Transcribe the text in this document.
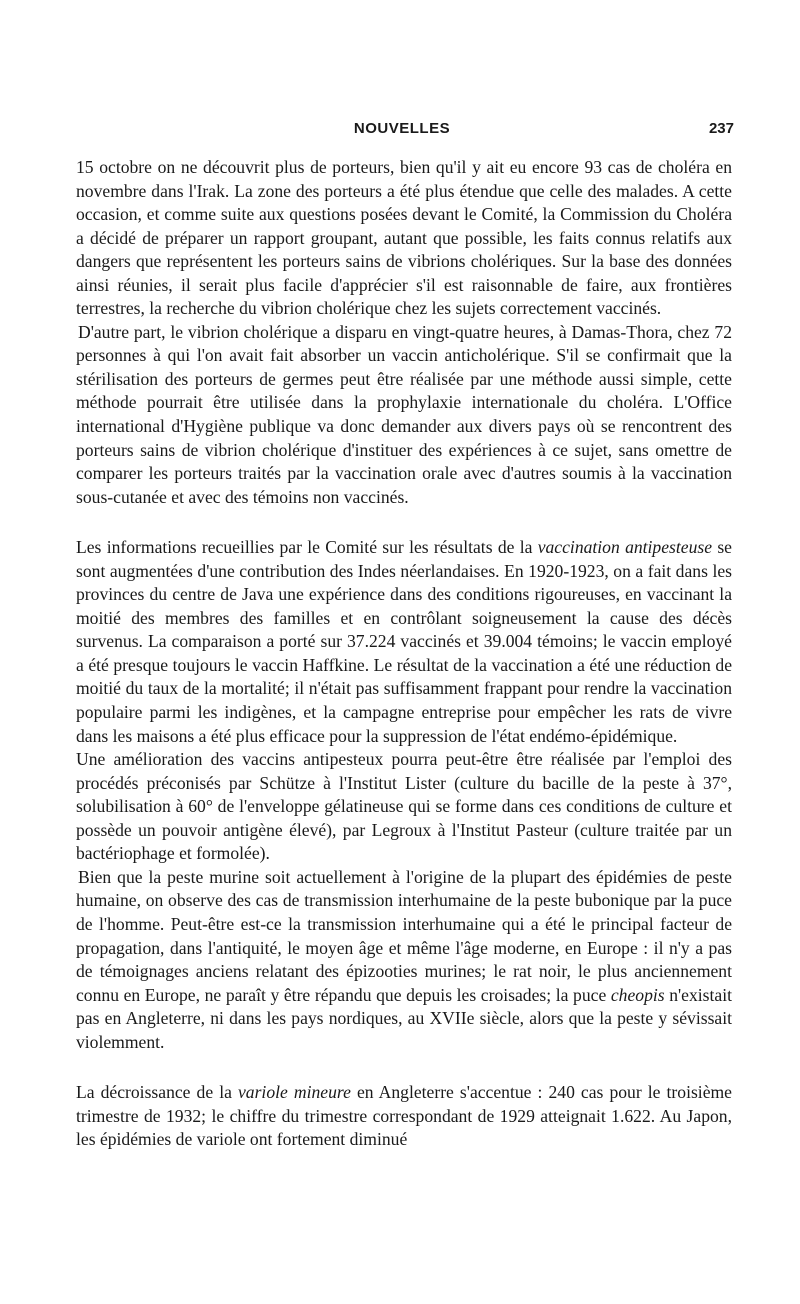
NOUVELLES	237

15 octobre on ne découvrit plus de porteurs, bien qu'il y ait eu encore 93 cas de choléra en novembre dans l'Irak. La zone des porteurs a été plus étendue que celle des malades. A cette occasion, et comme suite aux questions posées devant le Comité, la Commission du Choléra a décidé de préparer un rapport groupant, autant que possible, les faits connus relatifs aux dangers que représentent les porteurs sains de vibrions cholériques. Sur la base des données ainsi réunies, il serait plus facile d'apprécier s'il est raisonnable de faire, aux frontières terrestres, la recherche du vibrion cholérique chez les sujets correctement vaccinés.

D'autre part, le vibrion cholérique a disparu en vingt-quatre heures, à Damas-Thora, chez 72 personnes à qui l'on avait fait absorber un vaccin anticholérique. S'il se confirmait que la stérilisation des porteurs de germes peut être réalisée par une méthode aussi simple, cette méthode pourrait être utilisée dans la prophylaxie internationale du choléra. L'Office international d'Hygiène publique va donc demander aux divers pays où se rencontrent des porteurs sains de vibrion cholérique d'instituer des expériences à ce sujet, sans omettre de comparer les porteurs traités par la vaccination orale avec d'autres soumis à la vaccination sous-cutanée et avec des témoins non vaccinés.

Les informations recueillies par le Comité sur les résultats de la vaccination antipesteuse se sont augmentées d'une contribution des Indes néerlandaises. En 1920-1923, on a fait dans les provinces du centre de Java une expérience dans des conditions rigoureuses, en vaccinant la moitié des membres des familles et en contrôlant soigneusement la cause des décès survenus. La comparaison a porté sur 37.224 vaccinés et 39.004 témoins; le vaccin employé a été presque toujours le vaccin Haffkine. Le résultat de la vaccination a été une réduction de moitié du taux de la mortalité; il n'était pas suffisamment frappant pour rendre la vaccination populaire parmi les indigènes, et la campagne entreprise pour empêcher les rats de vivre dans les maisons a été plus efficace pour la suppression de l'état endémo-épidémique.

Une amélioration des vaccins antipesteux pourra peut-être être réalisée par l'emploi des procédés préconisés par Schütze à l'Institut Lister (culture du bacille de la peste à 37°, solubilisation à 60° de l'enveloppe gélatineuse qui se forme dans ces conditions de culture et possède un pouvoir antigène élevé), par Legroux à l'Institut Pasteur (culture traitée par un bactériophage et formolée).

Bien que la peste murine soit actuellement à l'origine de la plupart des épidémies de peste humaine, on observe des cas de transmission interhumaine de la peste bubonique par la puce de l'homme. Peut-être est-ce la transmission interhumaine qui a été le principal facteur de propagation, dans l'antiquité, le moyen âge et même l'âge moderne, en Europe : il n'y a pas de témoignages anciens relatant des épizooties murines; le rat noir, le plus anciennement connu en Europe, ne paraît y être répandu que depuis les croisades; la puce cheopis n'existait pas en Angleterre, ni dans les pays nordiques, au XVIIe siècle, alors que la peste y sévissait violemment.

La décroissance de la variole mineure en Angleterre s'accentue : 240 cas pour le troisième trimestre de 1932; le chiffre du trimestre correspondant de 1929 atteignait 1.622. Au Japon, les épidémies de variole ont fortement diminué
